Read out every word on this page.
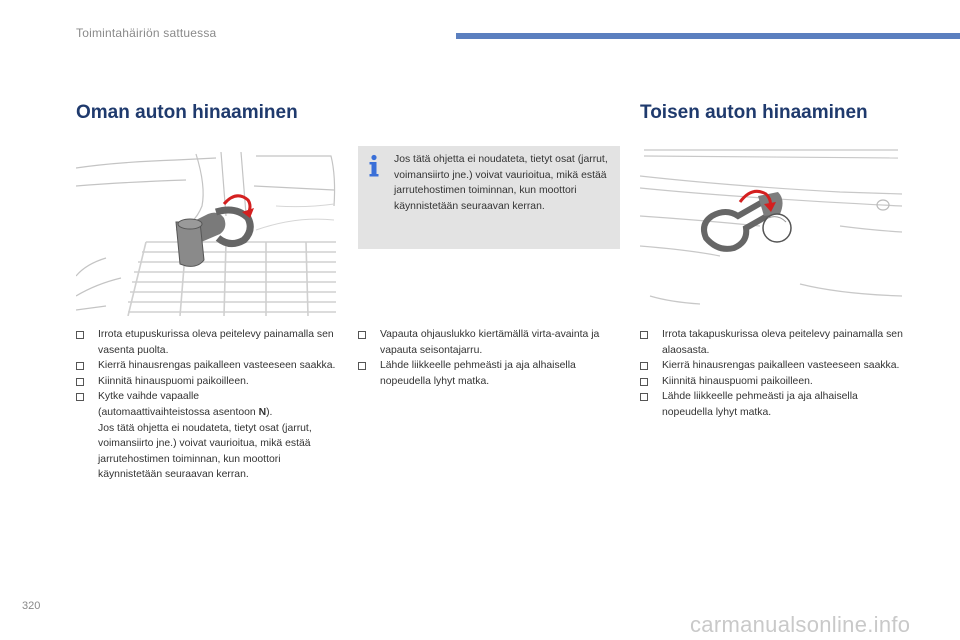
Toimintahäiriön sattuessa
Oman auton hinaaminen	Toisen auton hinaaminen

Jos tätä ohjetta ei noudateta, tietyt osat (jarrut, voimansiirto jne.) voivat vaurioitua, mikä estää jarrutehostimen toiminnan, kun moottori käynnistetään seuraavan kerran.

Irrota etupuskurissa oleva peitelevy painamalla sen vasenta puolta.
Kierrä hinausrengas paikalleen vasteeseen saakka.
Kiinnitä hinauspuomi paikoilleen.
Kytke vaihde vapaalle
(automaattivaihteistossa asentoon N).
Jos tätä ohjetta ei noudateta, tietyt osat (jarrut, voimansiirto jne.) voivat vaurioitua, mikä estää jarrutehostimen toiminnan, kun moottori käynnistetään seuraavan kerran.
Vapauta ohjauslukko kiertämällä virta-avainta ja vapauta seisontajarru.
Lähde liikkeelle pehmeästi ja aja alhaisella nopeudella lyhyt matka.
Irrota takapuskurissa oleva peitelevy painamalla sen alaosasta.
Kierrä hinausrengas paikalleen vasteeseen saakka.
Kiinnitä hinauspuomi paikoilleen.
Lähde liikkeelle pehmeästi ja aja alhaisella nopeudella lyhyt matka.
320
carmanualsonline.info
